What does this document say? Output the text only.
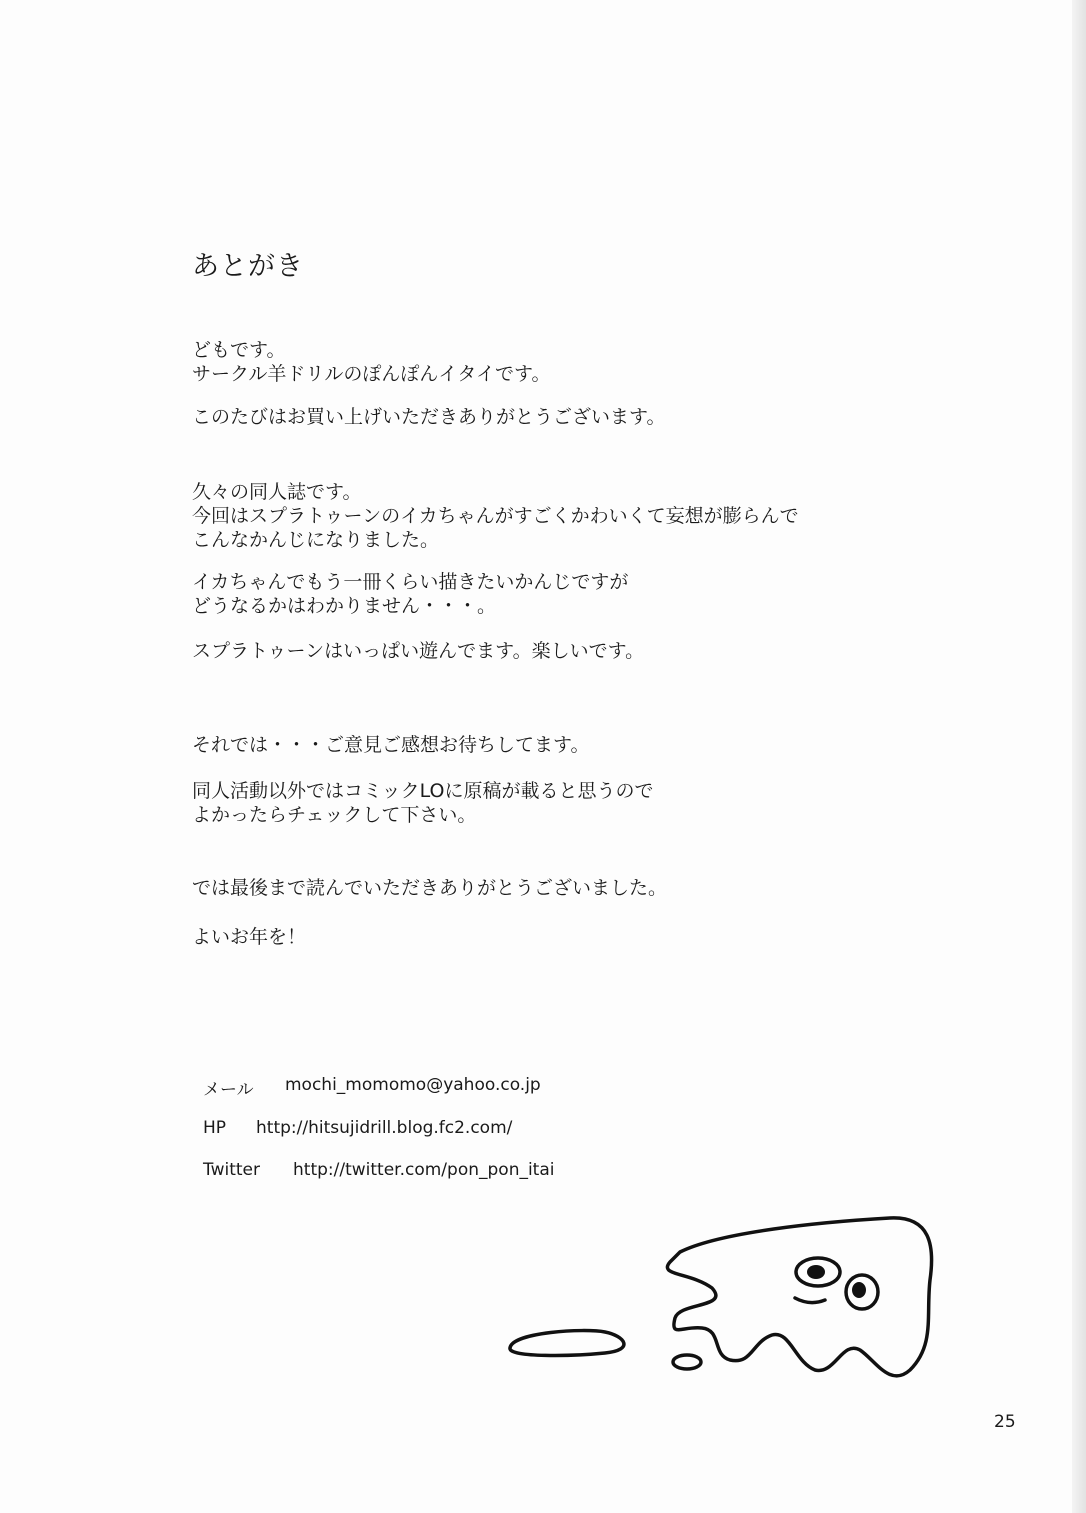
あとがき
どもです。
サークル羊ドリルのぽんぽんイタイです。
このたびはお買い上げいただきありがとうございます。
久々の同人誌です。
今回はスプラトゥーンのイカちゃんがすごくかわいくて妄想が膨らんで
こんなかんじになりました。
イカちゃんでもう一冊くらい描きたいかんじですが
どうなるかはわかりません・・・。
スプラトゥーンはいっぱい遊んでます。楽しいです。
それでは・・・ご意見ご感想お待ちしてます。
同人活動以外ではコミックLOに原稿が載ると思うので
よかったらチェックして下さい。
では最後まで読んでいただきありがとうございました。
よいお年を！
メール mochi_momomo@yahoo.co.jp
HP http://hitsujidrill.blog.fc2.com/
Twitter http://twitter.com/pon_pon_itai
25
